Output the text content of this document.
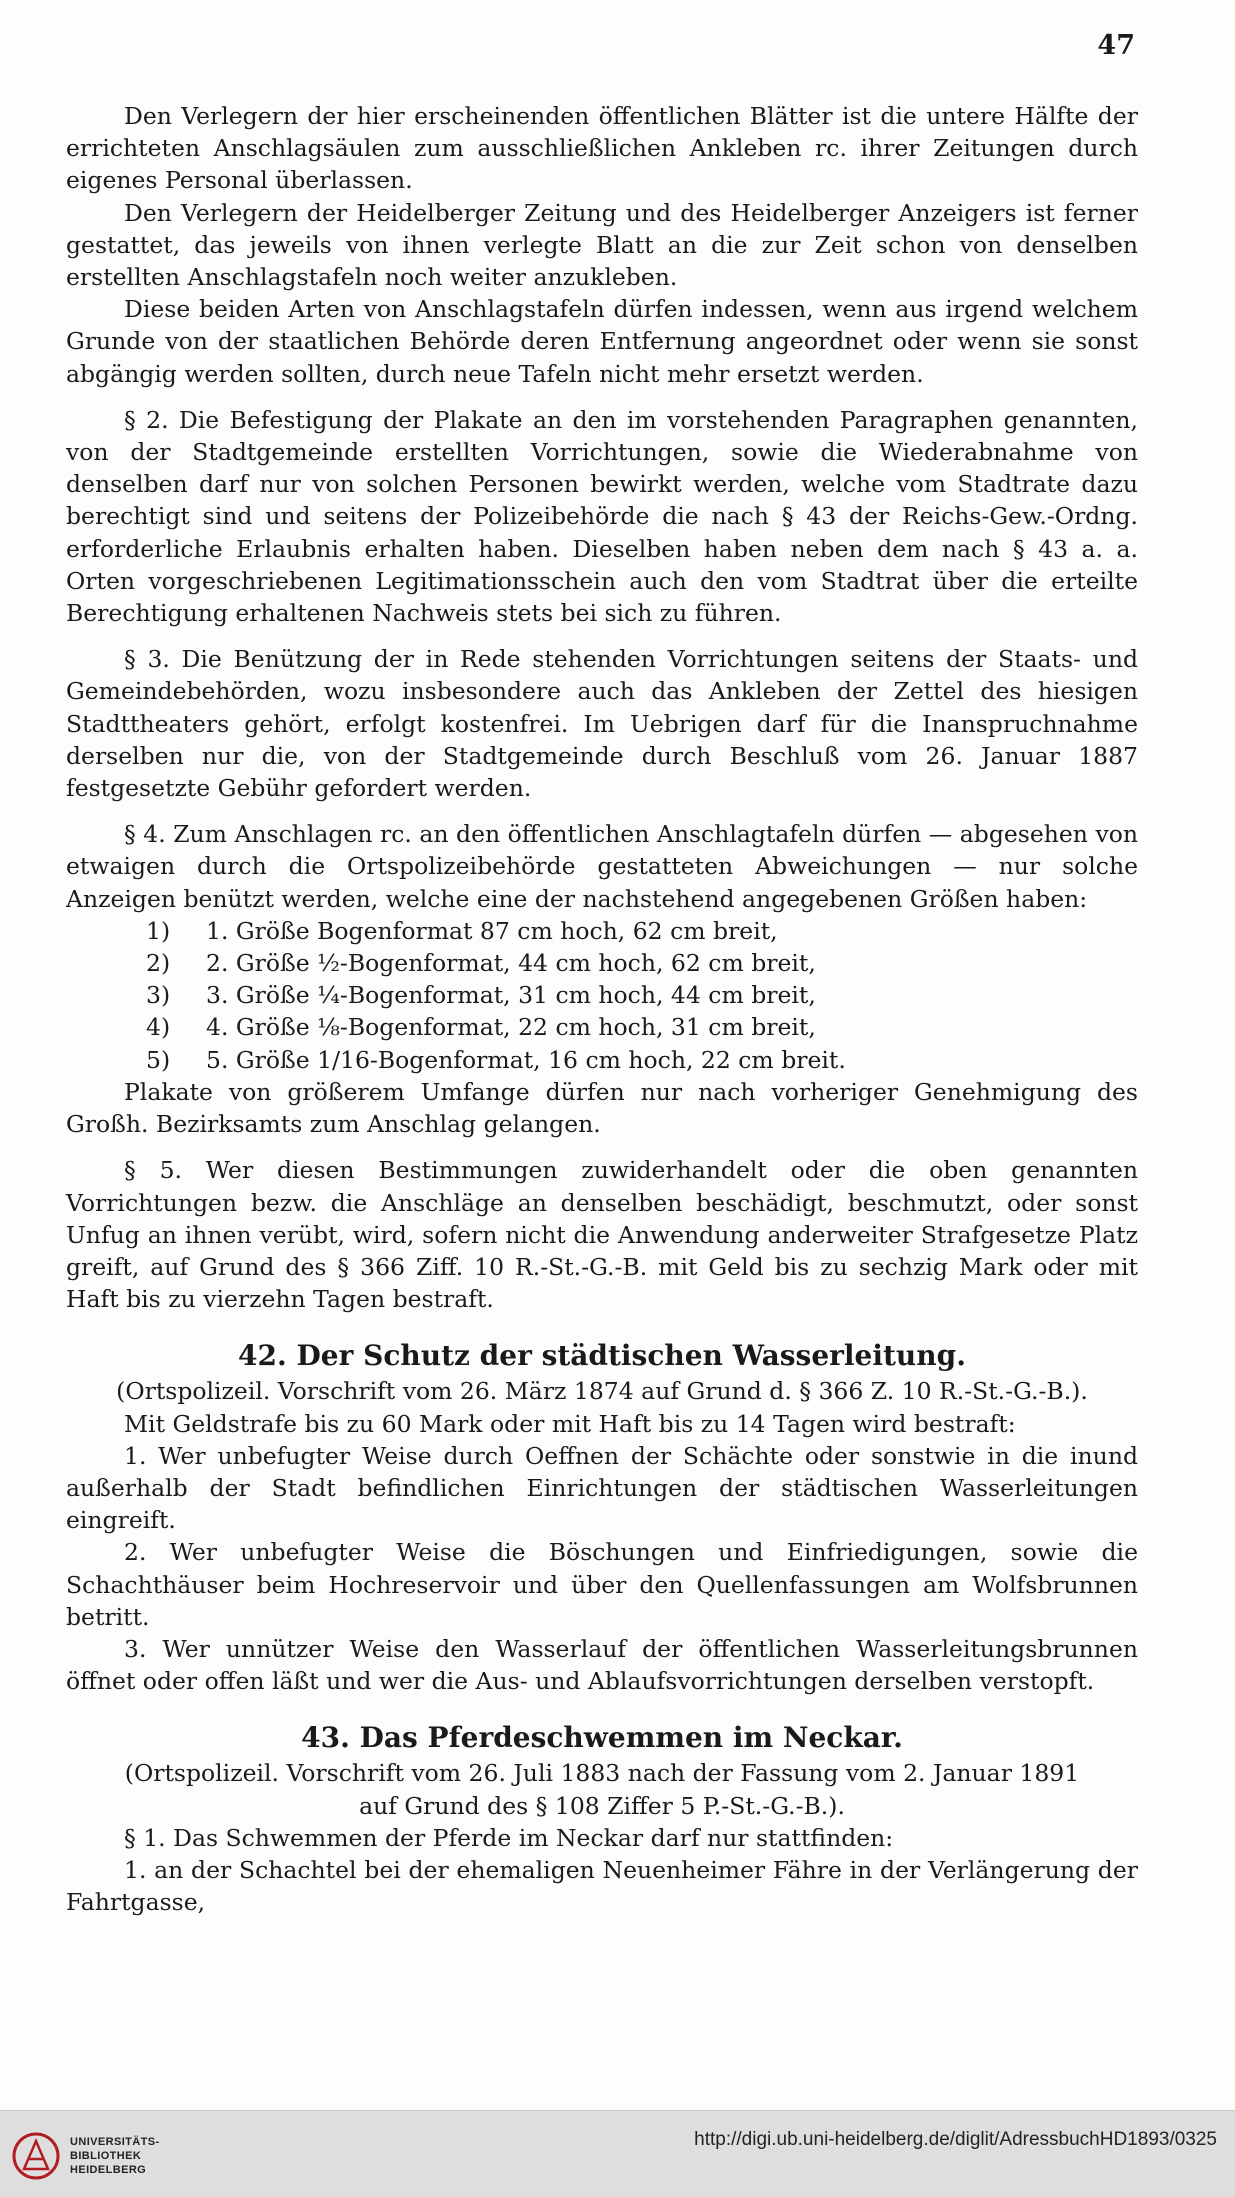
47

Den Verlegern der hier erscheinenden öffentlichen Blätter ist die untere Hälfte der errichteten Anschlagsäulen zum ausschließlichen Ankleben rc. ihrer Zeitungen durch eigenes Personal überlassen.

Den Verlegern der Heidelberger Zeitung und des Heidelberger Anzeigers ist ferner gestattet, das jeweils von ihnen verlegte Blatt an die zur Zeit schon von denselben erstellten Anschlagstafeln noch weiter anzukleben.

Diese beiden Arten von Anschlagstafeln dürfen indessen, wenn aus irgend welchem Grunde von der staatlichen Behörde deren Entfernung angeordnet oder wenn sie sonst abgängig werden sollten, durch neue Tafeln nicht mehr ersetzt werden.

§ 2. Die Befestigung der Plakate an den im vorstehenden Paragraphen genannten, von der Stadtgemeinde erstellten Vorrichtungen, sowie die Wiederabnahme von denselben darf nur von solchen Personen bewirkt werden, welche vom Stadtrate dazu berechtigt sind und seitens der Polizeibehörde die nach § 43 der Reichs-Gew.-Ordng. erforderliche Erlaubnis erhalten haben. Dieselben haben neben dem nach § 43 a. a. Orten vorgeschriebenen Legitimationsschein auch den vom Stadtrat über die erteilte Berechtigung erhaltenen Nachweis stets bei sich zu führen.

§ 3. Die Benützung der in Rede stehenden Vorrichtungen seitens der Staats- und Gemeindebehörden, wozu insbesondere auch das Ankleben der Zettel des hiesigen Stadttheaters gehört, erfolgt kostenfrei. Im Uebrigen darf für die Inanspruchnahme derselben nur die, von der Stadtgemeinde durch Beschluß vom 26. Januar 1887 festgesetzte Gebühr gefordert werden.

§ 4. Zum Anschlagen rc. an den öffentlichen Anschlagtafeln dürfen — abgesehen von etwaigen durch die Ortspolizeibehörde gestatteten Abweichungen — nur solche Anzeigen benützt werden, welche eine der nachstehend angegebenen Größen haben:

1)	1. Größe Bogenformat 87 cm hoch, 62 cm breit,
2)	2. Größe ½-Bogenformat, 44 cm hoch, 62 cm breit,
3)	3. Größe ¼-Bogenformat, 31 cm hoch, 44 cm breit,
4)	4. Größe ⅛-Bogenformat, 22 cm hoch, 31 cm breit,
5)	5. Größe 1/16-Bogenformat, 16 cm hoch, 22 cm breit.

Plakate von größerem Umfange dürfen nur nach vorheriger Genehmigung des Großh. Bezirksamts zum Anschlag gelangen.

§ 5. Wer diesen Bestimmungen zuwiderhandelt oder die oben genannten Vorrichtungen bezw. die Anschläge an denselben beschädigt, beschmutzt, oder sonst Unfug an ihnen verübt, wird, sofern nicht die Anwendung anderweiter Strafgesetze Platz greift, auf Grund des § 366 Ziff. 10 R.-St.-G.-B. mit Geld bis zu sechzig Mark oder mit Haft bis zu vierzehn Tagen bestraft.

42. Der Schutz der städtischen Wasserleitung.

(Ortspolizeil. Vorschrift vom 26. März 1874 auf Grund d. § 366 Z. 10 R.-St.-G.-B.).

Mit Geldstrafe bis zu 60 Mark oder mit Haft bis zu 14 Tagen wird bestraft:

1. Wer unbefugter Weise durch Oeffnen der Schächte oder sonstwie in die inund außerhalb der Stadt befindlichen Einrichtungen der städtischen Wasserleitungen eingreift.

2. Wer unbefugter Weise die Böschungen und Einfriedigungen, sowie die Schachthäuser beim Hochreservoir und über den Quellenfassungen am Wolfsbrunnen betritt.

3. Wer unnützer Weise den Wasserlauf der öffentlichen Wasserleitungsbrunnen öffnet oder offen läßt und wer die Aus- und Ablaufsvorrichtungen derselben verstopft.

43. Das Pferdeschwemmen im Neckar.

(Ortspolizeil. Vorschrift vom 26. Juli 1883 nach der Fassung vom 2. Januar 1891

auf Grund des § 108 Ziffer 5 P.-St.-G.-B.).

§ 1. Das Schwemmen der Pferde im Neckar darf nur stattfinden:

1. an der Schachtel bei der ehemaligen Neuenheimer Fähre in der Verlängerung der Fahrtgasse,

UNIVERSITÄTS-
BIBLIOTHEK
HEIDELBERG
http://digi.ub.uni-heidelberg.de/diglit/AdressbuchHD1893/0325
